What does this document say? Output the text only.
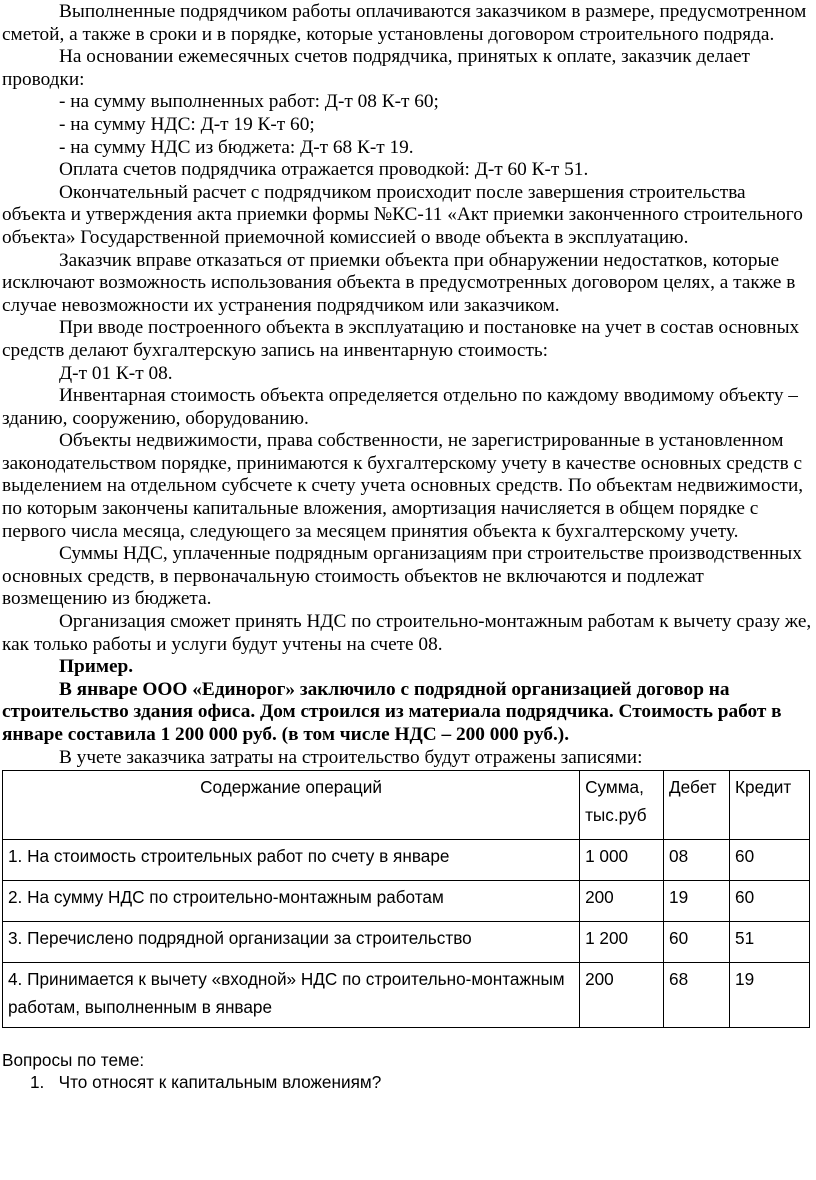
Выполненные подрядчиком работы оплачиваются заказчиком в размере, предусмотренном сметой, а также в сроки и в порядке, которые установлены договором строительного подряда.

На основании ежемесячных счетов подрядчика, принятых к оплате, заказчик делает проводки:

- на сумму выполненных работ: Д-т 08 К-т 60;

- на сумму НДС: Д-т 19 К-т 60;

- на сумму НДС из бюджета: Д-т 68 К-т 19.

Оплата счетов подрядчика отражается проводкой: Д-т 60 К-т 51.

Окончательный расчет с подрядчиком происходит после завершения строительства объекта и утверждения акта приемки формы №КС-11 «Акт приемки законченного строительного объекта» Государственной приемочной комиссией о вводе объекта в эксплуатацию.

Заказчик вправе отказаться от приемки объекта при обнаружении недостатков, которые исключают возможность использования объекта в предусмотренных договором целях, а также в случае невозможности их устранения подрядчиком или заказчиком.

При вводе построенного объекта в эксплуатацию и постановке на учет в состав основных средств делают бухгалтерскую запись на инвентарную стоимость:

Д-т 01 К-т 08.

Инвентарная стоимость объекта определяется отдельно по каждому вводимому объекту – зданию, сооружению, оборудованию.

Объекты недвижимости, права собственности, не зарегистрированные в установленном законодательством порядке, принимаются к бухгалтерскому учету в качестве основных средств с выделением на отдельном субсчете к счету учета основных средств. По объектам недвижимости, по которым закончены капитальные вложения, амортизация начисляется в общем порядке с первого числа месяца, следующего за месяцем принятия объекта к бухгалтерскому учету.

Суммы НДС, уплаченные подрядным организациям при строительстве производственных основных средств, в первоначальную стоимость объектов не включаются и подлежат возмещению из бюджета.

Организация сможет принять НДС по строительно-монтажным работам к вычету сразу же, как только работы и услуги будут учтены на счете 08.

Пример.

В январе ООО «Единорог» заключило с подрядной организацией договор на строительство здания офиса. Дом строился из материала подрядчика. Стоимость работ в январе составила 1 200 000 руб. (в том числе НДС – 200 000 руб.).

В учете заказчика затраты на строительство будут отражены записями:

Содержание операций	Сумма, тыс.руб	Дебет	Кредит
1. На стоимость строительных работ по счету в январе	1 000	08	60
2. На сумму НДС по строительно-монтажным работам	200	19	60
3. Перечислено подрядной организации за строительство	1 200	60	51
4. Принимается к вычету «входной» НДС по строительно-монтажным работам, выполненным в январе	200	68	19

Вопросы по теме:

1. Что относят к капитальным вложениям?
